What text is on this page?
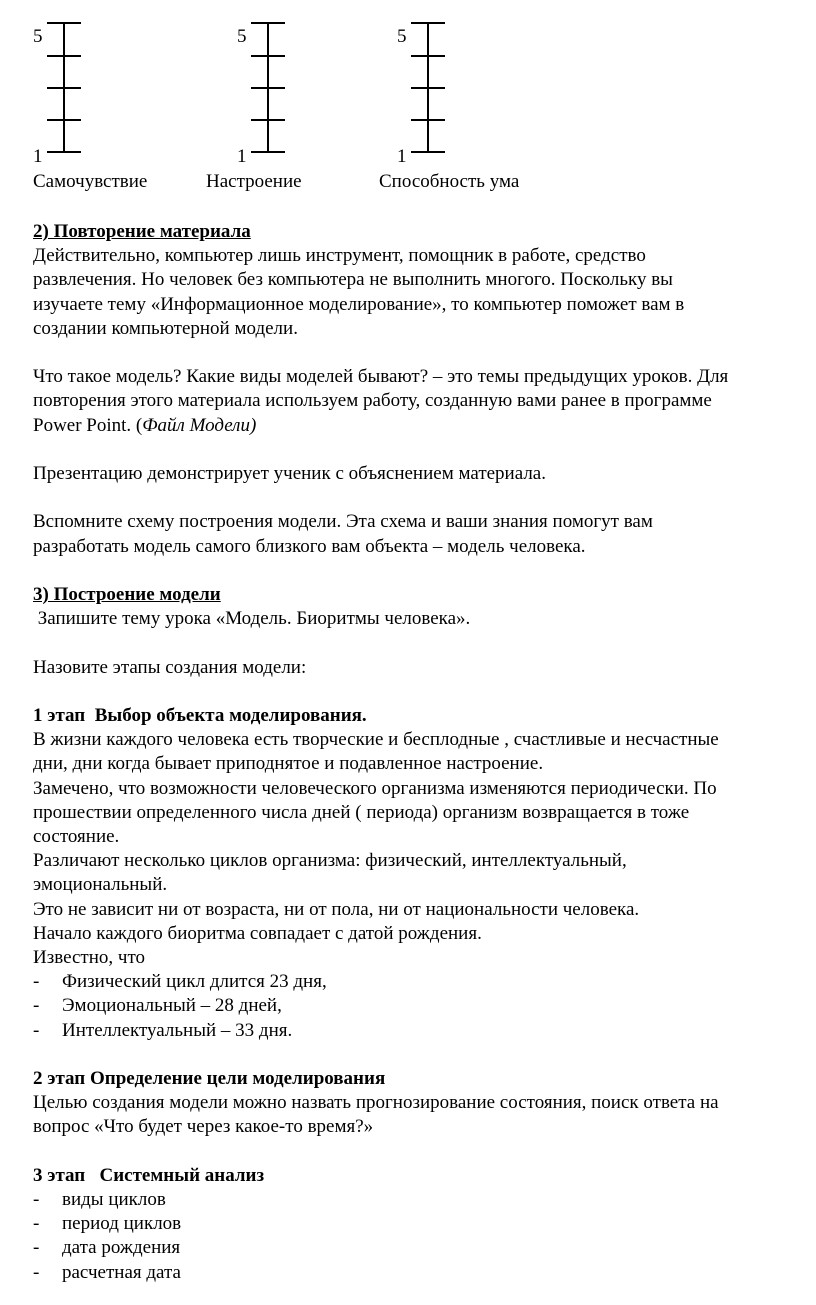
5
1
5
1
5
1
Самочувствие	Настроение	Способность ума

2) Повторение материала

Действительно, компьютер лишь инструмент, помощник в работе, средство

развлечения. Но человек без компьютера не выполнить многого. Поскольку вы

изучаете тему «Информационное моделирование», то компьютер поможет вам в

создании компьютерной модели.

Что такое модель? Какие виды моделей бывают? – это темы предыдущих уроков. Для

повторения этого материала используем работу, созданную вами ранее в программе

Power Point. (Файл Модели)

Презентацию демонстрирует ученик с объяснением материала.

Вспомните схему построения модели. Эта схема и ваши знания помогут вам

разработать модель самого близкого вам объекта – модель человека.

3) Построение модели

Запишите тему урока «Модель. Биоритмы человека».

Назовите этапы создания модели:

1 этап  Выбор объекта моделирования.

В жизни каждого человека есть творческие и бесплодные , счастливые и несчастные

дни, дни когда бывает приподнятое и подавленное настроение.

Замечено, что возможности человеческого организма изменяются периодически. По

прошествии определенного числа дней ( периода) организм возвращается в тоже

состояние.

Различают несколько циклов организма: физический, интеллектуальный,

эмоциональный.

Это не зависит ни от возраста, ни от пола, ни от национальности человека.

Начало каждого биоритма совпадает с датой рождения.

Известно, что

-	Физический цикл длится 23 дня,

-	Эмоциональный – 28 дней,

-	Интеллектуальный – 33 дня.

2 этап Определение цели моделирования

Целью создания модели можно назвать прогнозирование состояния, поиск ответа на

вопрос «Что будет через какое-то время?»

3 этап   Системный анализ

-	виды циклов

-	период циклов

-	дата рождения

-	расчетная дата
